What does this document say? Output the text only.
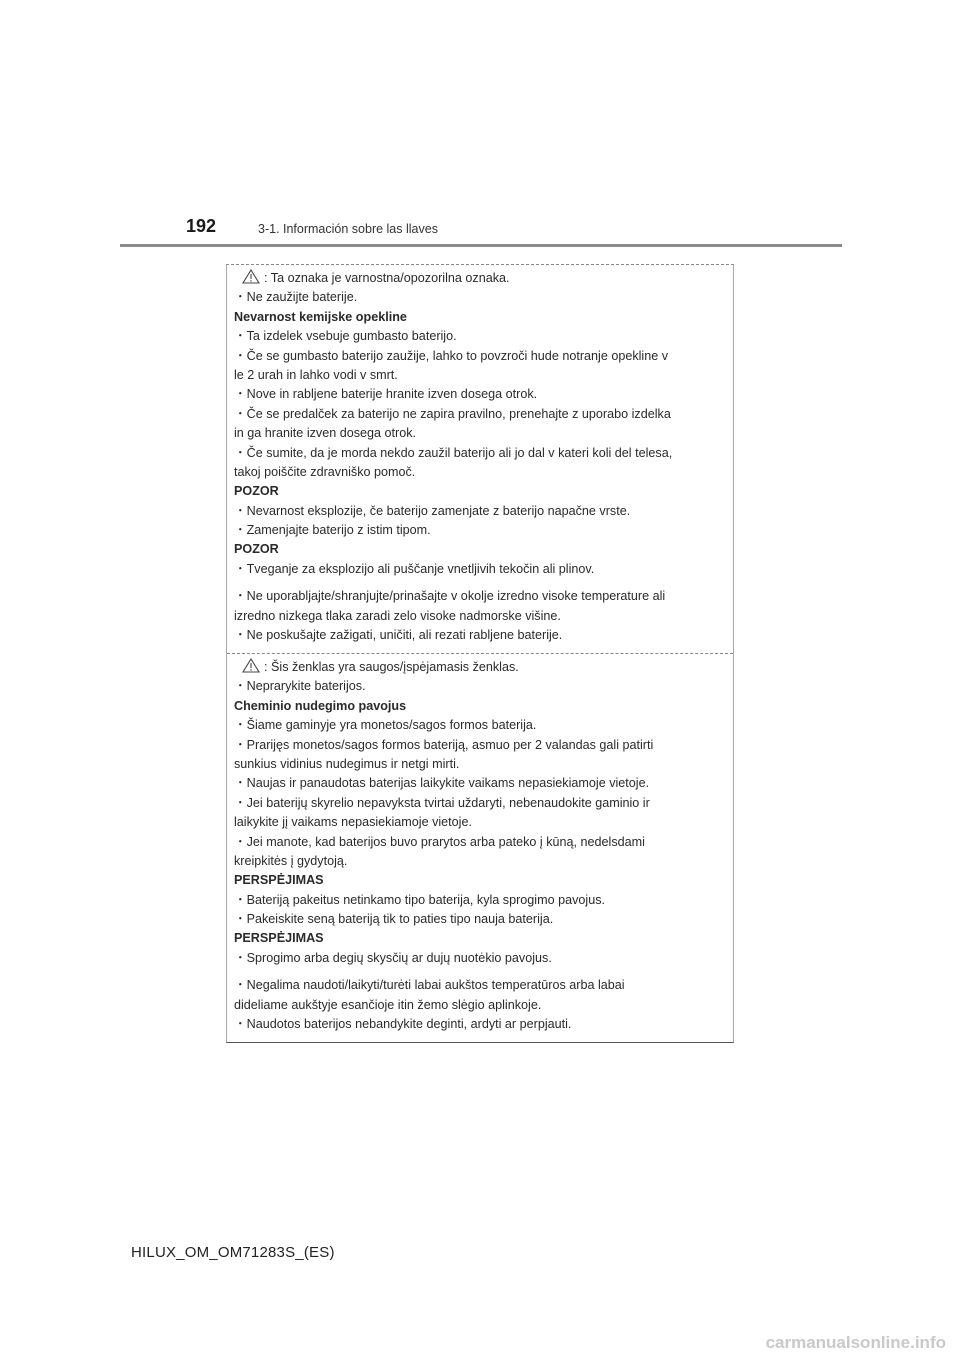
192	3-1. Información sobre las llaves
: Ta oznaka je varnostna/opozorilna oznaka.
・Ne zaužijte baterije.
Nevarnost kemijske opekline
・Ta izdelek vsebuje gumbasto baterijo.
・Če se gumbasto baterijo zaužije, lahko to povzroči hude notranje opekline v
le 2 urah in lahko vodi v smrt.
・Nove in rabljene baterije hranite izven dosega otrok.
・Če se predalček za baterijo ne zapira pravilno, prenehajte z uporabo izdelka
in ga hranite izven dosega otrok.
・Če sumite, da je morda nekdo zaužil baterijo ali jo dal v kateri koli del telesa,
takoj poiščite zdravniško pomoč.
POZOR
・Nevarnost eksplozije, če baterijo zamenjate z baterijo napačne vrste.
・Zamenjajte baterijo z istim tipom.
POZOR
・Tveganje za eksplozijo ali puščanje vnetljivih tekočin ali plinov.
・Ne uporabljajte/shranjujte/prinašajte v okolje izredno visoke temperature ali
izredno nizkega tlaka zaradi zelo visoke nadmorske višine.
・Ne poskušajte zažigati, uničiti, ali rezati rabljene baterije.
: Šis ženklas yra saugos/įspėjamasis ženklas.
・Neprarykite baterijos.
Cheminio nudegimo pavojus
・Šiame gaminyje yra monetos/sagos formos baterija.
・Prarijęs monetos/sagos formos bateriją, asmuo per 2 valandas gali patirti
sunkius vidinius nudegimus ir netgi mirti.
・Naujas ir panaudotas baterijas laikykite vaikams nepasiekiamoje vietoje.
・Jei baterijų skyrelio nepavyksta tvirtai uždaryti, nebenaudokite gaminio ir
laikykite jį vaikams nepasiekiamoje vietoje.
・Jei manote, kad baterijos buvo prarytos arba pateko į kūną, nedelsdami
kreipkitės į gydytoją.
PERSPĖJIMAS
・Bateriją pakeitus netinkamo tipo baterija, kyla sprogimo pavojus.
・Pakeiskite seną bateriją tik to paties tipo nauja baterija.
PERSPĖJIMAS
・Sprogimo arba degių skysčių ar dujų nuotėkio pavojus.
・Negalima naudoti/laikyti/turėti labai aukštos temperatūros arba labai
dideliame aukštyje esančioje itin žemo slėgio aplinkoje.
・Naudotos baterijos nebandykite deginti, ardyti ar perpjauti.
HILUX_OM_OM71283S_(ES)
carmanualsonline.info
